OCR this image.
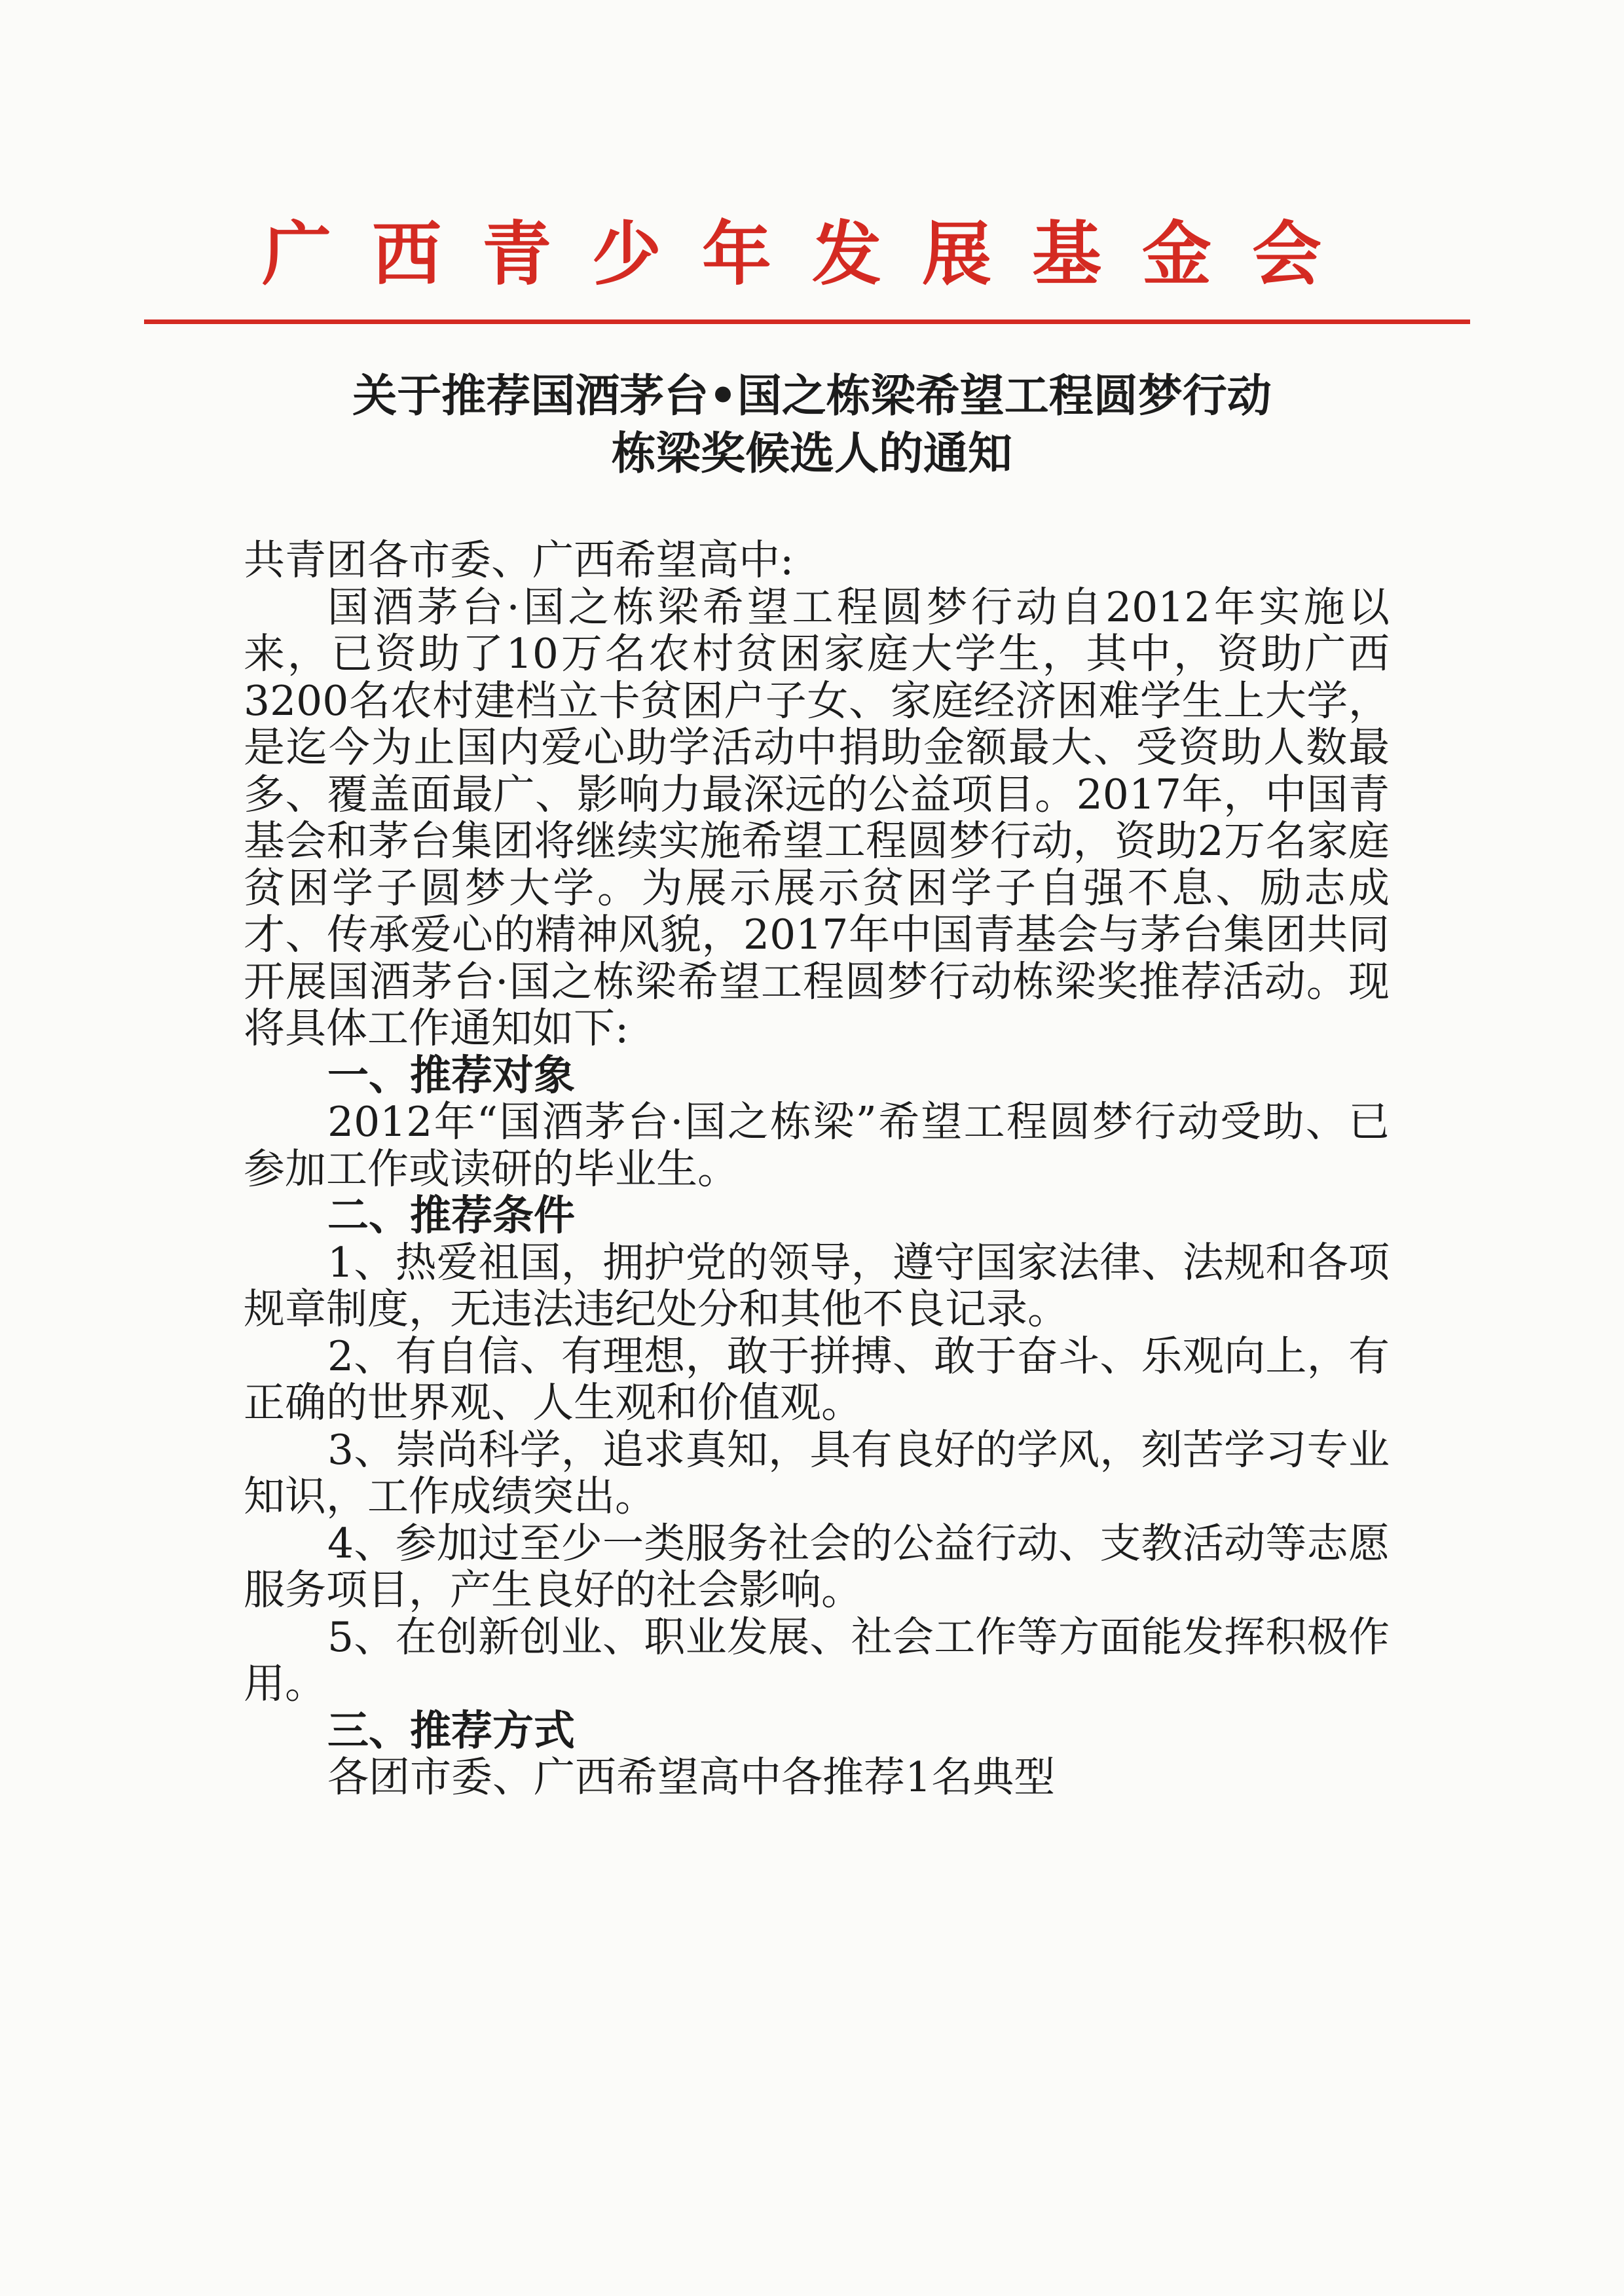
广西青少年发展基金会
关于推荐国酒茅台•国之栋梁希望工程圆梦行动
栋梁奖候选人的通知

共青团各市委、广西希望高中:

国酒茅台·国之栋梁希望工程圆梦行动自2012年实施以来，已资助了10万名农村贫困家庭大学生，其中，资助广西3200名农村建档立卡贫困户子女、家庭经济困难学生上大学，是迄今为止国内爱心助学活动中捐助金额最大、受资助人数最多、覆盖面最广、影响力最深远的公益项目。2017年，中国青基会和茅台集团将继续实施希望工程圆梦行动，资助2万名家庭贫困学子圆梦大学。为展示展示贫困学子自强不息、励志成才、传承爱心的精神风貌，2017年中国青基会与茅台集团共同开展国酒茅台·国之栋梁希望工程圆梦行动栋梁奖推荐活动。现将具体工作通知如下:

一、推荐对象

2012年“国酒茅台·国之栋梁”希望工程圆梦行动受助、已参加工作或读研的毕业生。

二、推荐条件

1、热爱祖国，拥护党的领导，遵守国家法律、法规和各项规章制度，无违法违纪处分和其他不良记录。

2、有自信、有理想，敢于拼搏、敢于奋斗、乐观向上，有正确的世界观、人生观和价值观。

3、崇尚科学，追求真知，具有良好的学风，刻苦学习专业知识，工作成绩突出。

4、参加过至少一类服务社会的公益行动、支教活动等志愿服务项目，产生良好的社会影响。

5、在创新创业、职业发展、社会工作等方面能发挥积极作用。

三、推荐方式

各团市委、广西希望高中各推荐1名典型
